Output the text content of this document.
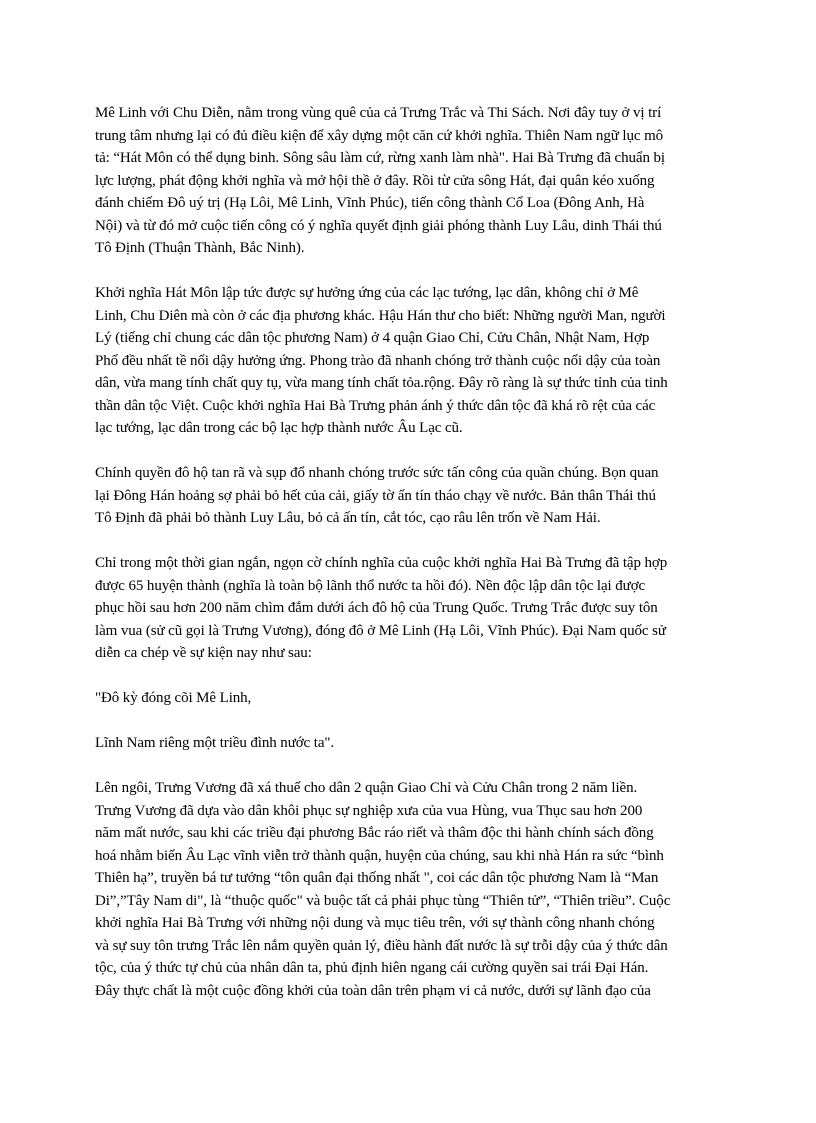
Mê Linh với Chu Diễn, nằm trong vùng quê của cả Trưng Trắc và Thi Sách. Nơi đây tuy ở vị trí
trung tâm nhưng lại có đủ điều kiện để xây dựng một căn cứ khởi nghĩa. Thiên Nam ngữ lục mô
tả: “Hát Môn có thể dụng binh. Sông sâu làm cứ, rừng xanh làm nhà". Hai Bà Trưng đã chuẩn bị
lực lượng, phát động khởi nghĩa và mở hội thề ở đây. Rồi từ cửa sông Hát, đại quân kéo xuống
đánh chiếm Đô uý trị (Hạ Lôi, Mê Linh, Vĩnh Phúc), tiến công thành Cổ Loa (Đông Anh, Hà
Nội) và từ đó mở cuộc tiến công có ý nghĩa quyết định giải phóng thành Luy Lâu, dinh Thái thú
Tô Định (Thuận Thành, Bắc Ninh).

Khởi nghĩa Hát Môn lập tức được sự hưởng ứng của các lạc tướng, lạc dân, không chỉ ở Mê
Linh, Chu Diên mà còn ở các địa phương khác. Hậu Hán thư cho biết: Những người Man, người
Lý (tiếng chỉ chung các dân tộc phương Nam) ở 4 quận Giao Chỉ, Cửu Chân, Nhật Nam, Hợp
Phố đều nhất tề nổi dậy hưởng ứng. Phong trào đã nhanh chóng trở thành cuộc nổi dậy của toàn
dân, vừa mang tính chất quy tụ, vừa mang tính chất tỏa.rộng. Đây rõ ràng là sự thức tỉnh của tinh
thần dân tộc Việt. Cuộc khởi nghĩa Hai Bà Trưng phản ánh ý thức dân tộc đã khá rõ rệt của các
lạc tướng, lạc dân trong các bộ lạc hợp thành nước Âu Lạc cũ.

Chính quyền đô hộ tan rã và sụp đổ nhanh chóng trước sức tấn công của quần chúng. Bọn quan
lại Đông Hán hoảng sợ phải bỏ hết của cải, giấy tờ ấn tín tháo chạy về nước. Bản thân Thái thú
Tô Định đã phải bỏ thành Luy Lâu, bỏ cả ấn tín, cắt tóc, cạo râu lên trốn về Nam Hải.

Chỉ trong một thời gian ngắn, ngọn cờ chính nghĩa của cuộc khởi nghĩa Hai Bà Trưng đã tập hợp
được 65 huyện thành (nghĩa là toàn bộ lãnh thổ nước ta hồi đó). Nền độc lập dân tộc lại được
phục hồi sau hơn 200 năm chìm đắm dưới ách đô hộ của Trung Quốc. Trưng Trắc được suy tôn
làm vua (sử cũ gọi là Trưng Vương), đóng đô ở Mê Linh (Hạ Lôi, Vĩnh Phúc). Đại Nam quốc sử
diễn ca chép về sự kiện nay như sau:

"Đô kỳ đóng cõi Mê Linh,

Lĩnh Nam riêng một triều đình nước ta".

Lên ngôi, Trưng Vương đã xá thuế cho dân 2 quận Giao Chỉ và Cửu Chân trong 2 năm liền.
Trưng Vương đã dựa vào dân khôi phục sự nghiệp xưa của vua Hùng, vua Thục sau hơn 200
năm mất nước, sau khi các triều đại phương Bắc ráo riết và thâm độc thi hành chính sách đồng
hoá nhằm biến Âu Lạc vĩnh viễn trở thành quận, huyện của chúng, sau khi nhà Hán ra sức “bình
Thiên hạ”, truyền bá tư tưởng “tôn quân đại thống nhất ", coi các dân tộc phương Nam là “Man
Di”,”Tây Nam di", là “thuộc quốc" và buộc tất cả phải phục tùng “Thiên tử”, “Thiên triều”. Cuộc
khởi nghĩa Hai Bà Trưng với những nội dung và mục tiêu trên, với sự thành công nhanh chóng
và sự suy tôn trưng Trắc lên nắm quyền quản lý, điều hành đất nước là sự trỗi dậy của ý thức dân
tộc, của ý thức tự chủ của nhân dân ta, phủ định hiên ngang cái cường quyền sai trái Đại Hán.
Đây thực chất là một cuộc đồng khởi của toàn dân trên phạm vi cả nước, dưới sự lãnh đạo của
